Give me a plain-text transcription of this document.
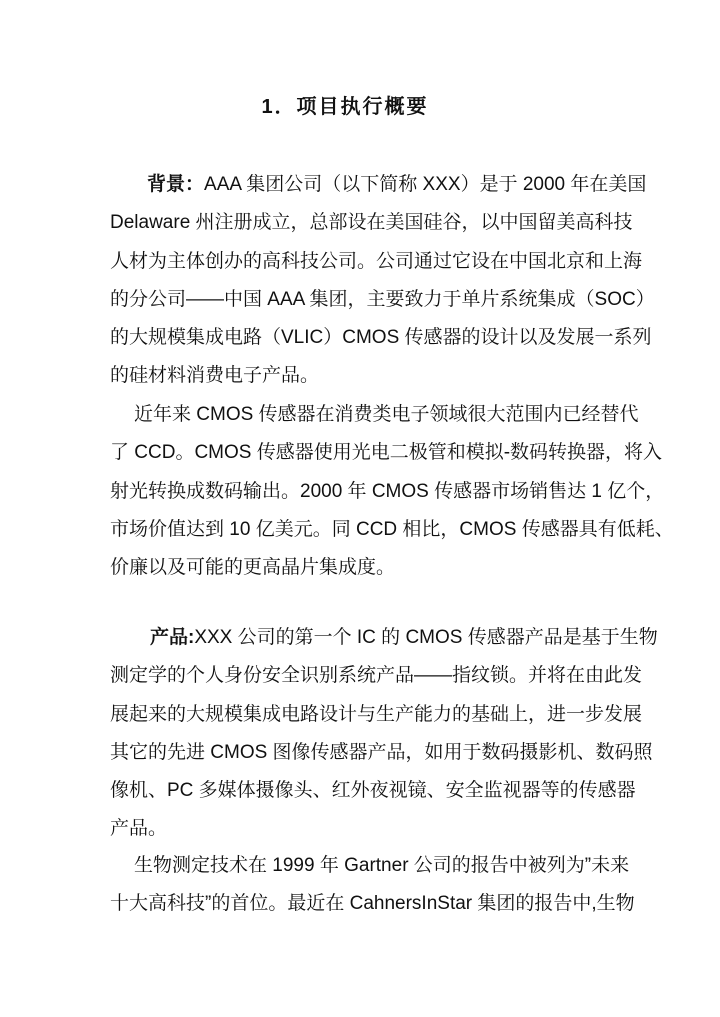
1．项目执行概要
背景：AAA 集团公司（以下简称 XXX）是于 2000 年在美国
Delaware 州注册成立，总部设在美国硅谷，以中国留美高科技
人材为主体创办的高科技公司。公司通过它设在中国北京和上海
的分公司——中国 AAA 集团，主要致力于单片系统集成（SOC）
的大规模集成电路（VLIC）CMOS 传感器的设计以及发展一系列
的硅材料消费电子产品。
近年来 CMOS 传感器在消费类电子领域很大范围内已经替代
了 CCD。CMOS 传感器使用光电二极管和模拟-数码转换器，将入
射光转换成数码输出。2000 年 CMOS 传感器市场销售达 1 亿个，
市场价值达到 10 亿美元。同 CCD 相比，CMOS 传感器具有低耗、
价廉以及可能的更高晶片集成度。
产品:XXX 公司的第一个 IC 的 CMOS 传感器产品是基于生物
测定学的个人身份安全识别系统产品——指纹锁。并将在由此发
展起来的大规模集成电路设计与生产能力的基础上，进一步发展
其它的先进 CMOS 图像传感器产品，如用于数码摄影机、数码照
像机、PC 多媒体摄像头、红外夜视镜、安全监视器等的传感器
产品。
生物测定技术在 1999 年 Gartner 公司的报告中被列为”未来
十大高科技”的首位。最近在 CahnersInStar 集团的报告中,生物
